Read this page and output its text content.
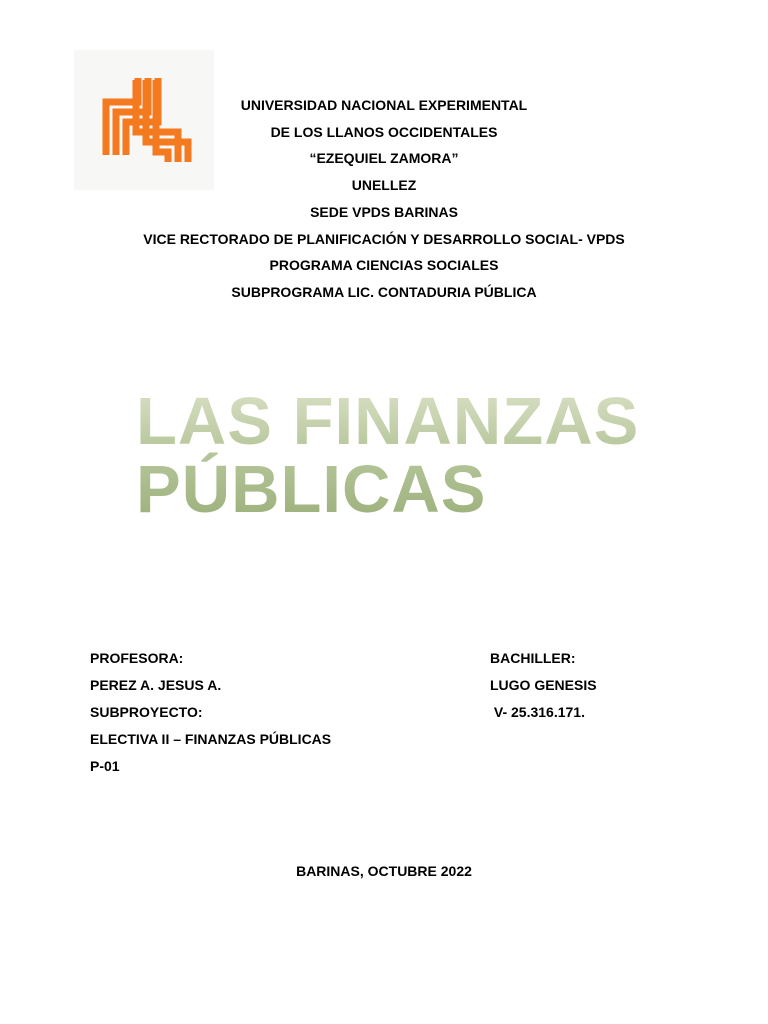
UNIVERSIDAD NACIONAL EXPERIMENTAL
DE LOS LLANOS OCCIDENTALES
“EZEQUIEL ZAMORA”
UNELLEZ
SEDE VPDS BARINAS
VICE RECTORADO DE PLANIFICACIÓN Y DESARROLLO SOCIAL- VPDS
PROGRAMA CIENCIAS SOCIALES
SUBPROGRAMA LIC. CONTADURIA PÚBLICA
LAS FINANZAS
PÚBLICAS
PROFESORA:
PEREZ A. JESUS A.
SUBPROYECTO:
ELECTIVA II – FINANZAS PÚBLICAS
P-01
BACHILLER:
LUGO GENESIS
V- 25.316.171.
BARINAS, OCTUBRE 2022
